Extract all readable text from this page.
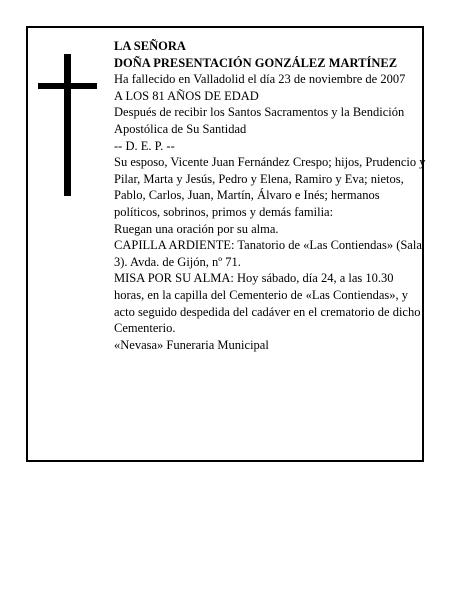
LA SEÑORA

DOÑA PRESENTACIÓN GONZÁLEZ MARTÍNEZ

Ha fallecido en Valladolid el día 23 de noviembre de 2007

A LOS 81 AÑOS DE EDAD

Después de recibir los Santos Sacramentos y la Bendición Apostólica de Su Santidad

-- D. E. P. --

Su esposo, Vicente Juan Fernández Crespo; hijos, Prudencio y Pilar, Marta y Jesús, Pedro y Elena, Ramiro y Eva; nietos, Pablo, Carlos, Juan, Martín, Álvaro e Inés; hermanos políticos, sobrinos, primos y demás familia:

Ruegan una oración por su alma.

CAPILLA ARDIENTE: Tanatorio de «Las Contiendas» (Sala 3). Avda. de Gijón, nº 71.

MISA POR SU ALMA: Hoy sábado, día 24, a las 10.30 horas, en la capilla del Cementerio de «Las Contiendas», y acto seguido despedida del cadáver en el crematorio de dicho Cementerio.

«Nevasa» Funeraria Municipal
